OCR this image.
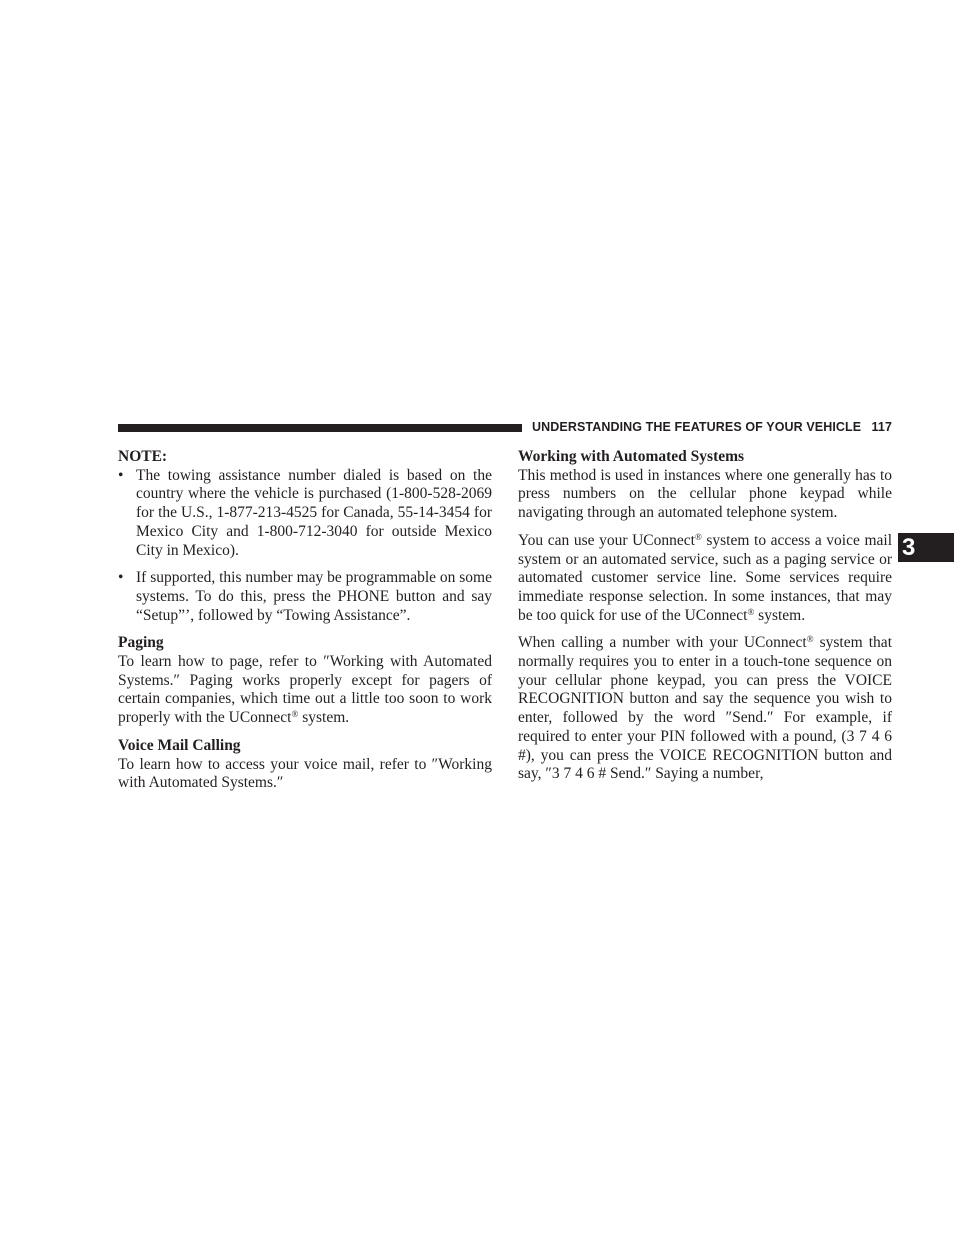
UNDERSTANDING THE FEATURES OF YOUR VEHICLE 117
3
NOTE:
• The towing assistance number dialed is based on the country where the vehicle is purchased (1-800-528-2069 for the U.S., 1-877-213-4525 for Canada, 55-14-3454 for Mexico City and 1-800-712-3040 for outside Mexico City in Mexico).
• If supported, this number may be programmable on some systems. To do this, press the PHONE button and say “Setup”’, followed by “Towing Assistance”.
Paging

To learn how to page, refer to ″Working with Automated Systems.″ Paging works properly except for pagers of certain companies, which time out a little too soon to work properly with the UConnect® system.

Voice Mail Calling

To learn how to access your voice mail, refer to ″Working with Automated Systems.″

Working with Automated Systems

This method is used in instances where one generally has to press numbers on the cellular phone keypad while navigating through an automated telephone system.

You can use your UConnect® system to access a voice mail system or an automated service, such as a paging service or automated customer service line. Some services require immediate response selection. In some instances, that may be too quick for use of the UConnect® system.

When calling a number with your UConnect® system that normally requires you to enter in a touch-tone sequence on your cellular phone keypad, you can press the VOICE RECOGNITION button and say the sequence you wish to enter, followed by the word ″Send.″ For example, if required to enter your PIN followed with a pound, (3 7 4 6 #), you can press the VOICE RECOGNITION button and say, ″3 7 4 6 # Send.″ Saying a number,
